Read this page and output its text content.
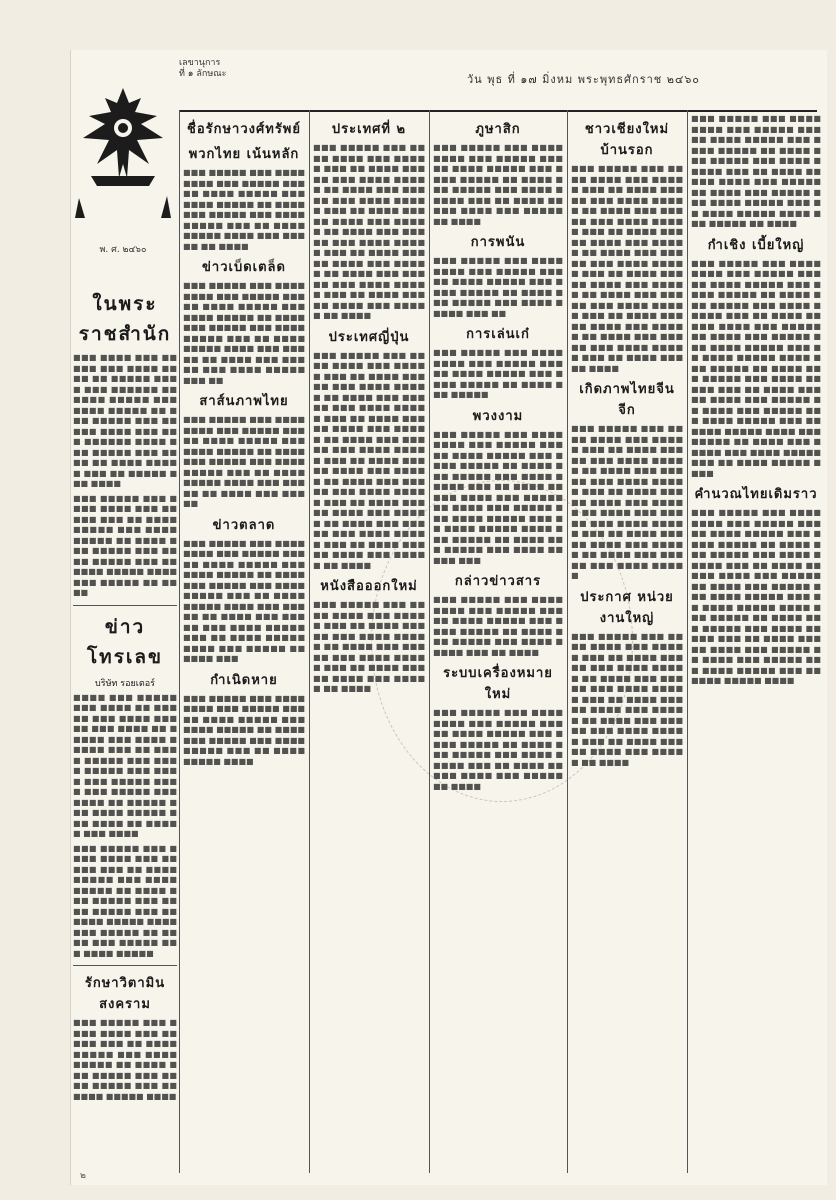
เลขานุการ
ที่ ๑ ลักษณะ	วัน พุธ ที่ ๑๗ มิ่งหม พระพุทธศักราช ๒๔๖๐
พ. ศ. ๒๔๖๐
ในพระราชสำนัก

■■■ ■■■■ ■■■ ■■■■■ ■■■ ■■■■ ■■■■ ■■ ■■■■■ ■■■■ ■■■ ■■■■■■ ■■ ■■■■ ■■■■■ ■■■ ■■■■ ■■■■■ ■■ ■■■ ■■■■■ ■■■ ■■■■■ ■■■■ ■■■ ■■■ ■■■■■■ ■■■■ ■■■ ■■■■■ ■■■ ■■■■ ■■ ■■■■ ■■■■■ ■■■ ■■ ■■■■■ ■■■ ■■■■

■■■ ■■■■■ ■■■ ■■■■ ■■■■ ■■■ ■■■■■ ■■■ ■■ ■■■■ ■■■■■ ■■■ ■■■■ ■■■■■ ■■ ■■■■ ■■■ ■■■■■ ■■■ ■■■■ ■■■■■ ■■■ ■■ ■■■■ ■■■■■ ■■■■ ■■■ ■■■■■ ■■ ■■■■

ข่าวโทรเลข
บริษัท รอยเตอร์

■■■■ ■■■ ■■■■■ ■■■ ■■■■ ■■ ■■■■■ ■■■ ■■■■ ■■■■■ ■■■ ■■■■ ■■ ■■■■■ ■■■ ■■■■ ■■■■■ ■■■ ■■ ■■■■ ■■■■■ ■■■ ■■■■ ■■■■■ ■■■ ■■■■ ■■■ ■■■■■ ■■■■ ■■■ ■■■■■ ■■■ ■■■■ ■■ ■■■■■ ■■■ ■■■■ ■■■■■ ■■■ ■■■■ ■■ ■■■■■ ■■■ ■■■■

■■■ ■■■■■ ■■■ ■■■■ ■■■■ ■■■ ■■■■■ ■■■ ■■ ■■■■ ■■■■■ ■■■ ■■■■ ■■■■■ ■■ ■■■■ ■■■ ■■■■■ ■■■ ■■■■ ■■■■■ ■■■ ■■ ■■■■ ■■■■■ ■■■■ ■■■ ■■■■■ ■■ ■■■■ ■■■ ■■■■■ ■■■ ■■■■ ■■■■■

รักษาวิตามิน สงคราม

■■■ ■■■■■ ■■■ ■■■■ ■■■■ ■■■ ■■■■■ ■■■ ■■ ■■■■ ■■■■■ ■■■ ■■■■ ■■■■■ ■■ ■■■■ ■■■ ■■■■■ ■■■ ■■■■ ■■■■■ ■■■ ■■ ■■■■ ■■■■■ ■■■■

ชื่อรักษาวงศ์ทรัพย์
พวกไทย เน้นหลัก

■■■ ■■■■■ ■■■ ■■■■ ■■■■ ■■■ ■■■■■ ■■■ ■■ ■■■■ ■■■■■ ■■■ ■■■■ ■■■■■ ■■ ■■■■ ■■■ ■■■■■ ■■■ ■■■■ ■■■■■ ■■■ ■■ ■■■■ ■■■■■ ■■■■ ■■■ ■■■■■ ■■ ■■■■

ข่าวเบ็ดเตล็ด

■■■ ■■■■■ ■■■ ■■■■ ■■■■ ■■■ ■■■■■ ■■■ ■■ ■■■■ ■■■■■ ■■■ ■■■■ ■■■■■ ■■ ■■■■ ■■■ ■■■■■ ■■■ ■■■■ ■■■■■ ■■■ ■■ ■■■■ ■■■■■ ■■■■ ■■■ ■■■■■ ■■ ■■■■ ■■■ ■■■■■ ■■■ ■■■■ ■■■■■ ■■■ ■■

สาส์นภาพไทย

■■■ ■■■■■ ■■■ ■■■■ ■■■■ ■■■ ■■■■■ ■■■ ■■ ■■■■ ■■■■■ ■■■ ■■■■ ■■■■■ ■■ ■■■■ ■■■ ■■■■■ ■■■ ■■■■ ■■■■■ ■■■ ■■ ■■■■ ■■■■■ ■■■■ ■■■ ■■■■■ ■■ ■■■■ ■■■ ■■■■■

ข่าวตลาด

■■■ ■■■■■ ■■■ ■■■■ ■■■■ ■■■ ■■■■■ ■■■ ■■ ■■■■ ■■■■■ ■■■ ■■■■ ■■■■■ ■■ ■■■■ ■■■ ■■■■■ ■■■ ■■■■ ■■■■■ ■■■ ■■ ■■■■ ■■■■■ ■■■■ ■■■ ■■■■■ ■■ ■■■■ ■■■ ■■■■■ ■■■ ■■■■ ■■■■■ ■■■ ■■ ■■■■ ■■■■■ ■■■■ ■■■ ■■■■■ ■■ ■■■■ ■■■

กำเนิดหาย

■■■ ■■■■■ ■■■ ■■■■ ■■■■ ■■■ ■■■■■ ■■■ ■■ ■■■■ ■■■■■ ■■■ ■■■■ ■■■■■ ■■ ■■■■ ■■■ ■■■■■ ■■■ ■■■■ ■■■■■ ■■■ ■■ ■■■■ ■■■■■ ■■■■

ประเทศที่ ๒

■■■ ■■■■■ ■■■ ■■■■ ■■■■ ■■■ ■■■■■ ■■■ ■■ ■■■■ ■■■■■ ■■■ ■■■■ ■■■■■ ■■ ■■■■ ■■■ ■■■■■ ■■■ ■■■■ ■■■■■ ■■■ ■■ ■■■■ ■■■■■ ■■■■ ■■■ ■■■■■ ■■ ■■■■ ■■■ ■■■■■ ■■■ ■■■■ ■■■■■ ■■■ ■■ ■■■■ ■■■■■ ■■■■ ■■■ ■■■■■ ■■ ■■■■ ■■■ ■■■■■ ■■■ ■■■■ ■■■■■ ■■■ ■■ ■■■■ ■■■■■ ■■■■ ■■■ ■■■■■ ■■ ■■■■

ประเทศญี่ปุ่น

■■■ ■■■■■ ■■■ ■■■■ ■■■■ ■■■ ■■■■■ ■■■ ■■ ■■■■ ■■■■■ ■■■ ■■■■ ■■■■■ ■■ ■■■■ ■■■ ■■■■■ ■■■ ■■■■ ■■■■■ ■■■ ■■ ■■■■ ■■■■■ ■■■■ ■■■ ■■■■■ ■■ ■■■■ ■■■ ■■■■■ ■■■ ■■■■ ■■■■■ ■■■ ■■ ■■■■ ■■■■■ ■■■■ ■■■ ■■■■■ ■■ ■■■■ ■■■ ■■■■■ ■■■ ■■■■ ■■■■■ ■■■ ■■ ■■■■ ■■■■■ ■■■■ ■■■ ■■■■■ ■■ ■■■■ ■■■ ■■■■■ ■■■ ■■■■ ■■■■■ ■■■ ■■ ■■■■ ■■■■■ ■■■■ ■■■ ■■■■■ ■■ ■■■■

หนังสือออกใหม่

■■■ ■■■■■ ■■■ ■■■■ ■■■■ ■■■ ■■■■■ ■■■ ■■ ■■■■ ■■■■■ ■■■ ■■■■ ■■■■■ ■■ ■■■■ ■■■ ■■■■■ ■■■ ■■■■ ■■■■■ ■■■ ■■ ■■■■ ■■■■■ ■■■■ ■■■ ■■■■■ ■■ ■■■■

ภูษาสิก

■■■ ■■■■■ ■■■ ■■■■ ■■■■ ■■■ ■■■■■ ■■■ ■■ ■■■■ ■■■■■ ■■■ ■■■■ ■■■■■ ■■ ■■■■ ■■■ ■■■■■ ■■■ ■■■■ ■■■■■ ■■■ ■■ ■■■■ ■■■■■ ■■■■ ■■■ ■■■■■ ■■ ■■■■

การพนัน

■■■ ■■■■■ ■■■ ■■■■ ■■■■ ■■■ ■■■■■ ■■■ ■■ ■■■■ ■■■■■ ■■■ ■■■■ ■■■■■ ■■ ■■■■ ■■■ ■■■■■ ■■■ ■■■■ ■■■■■ ■■■ ■■

การเล่นเก๋

■■■ ■■■■■ ■■■ ■■■■ ■■■■ ■■■ ■■■■■ ■■■ ■■ ■■■■ ■■■■■ ■■■ ■■■■ ■■■■■ ■■ ■■■■ ■■■ ■■■■■

พวงงาม

■■■ ■■■■■ ■■■ ■■■■ ■■■■ ■■■ ■■■■■ ■■■ ■■ ■■■■ ■■■■■ ■■■ ■■■■ ■■■■■ ■■ ■■■■ ■■■ ■■■■■ ■■■ ■■■■ ■■■■■ ■■■ ■■ ■■■■ ■■■■■ ■■■■ ■■■ ■■■■■ ■■ ■■■■ ■■■ ■■■■■ ■■■ ■■■■ ■■■■■ ■■■ ■■ ■■■■ ■■■■■ ■■■■ ■■■ ■■■■■ ■■ ■■■■ ■■■ ■■■■■ ■■■ ■■■■ ■■■■■ ■■■

กล่าวข่าวสาร

■■■ ■■■■■ ■■■ ■■■■ ■■■■ ■■■ ■■■■■ ■■■ ■■ ■■■■ ■■■■■ ■■■ ■■■■ ■■■■■ ■■ ■■■■ ■■■ ■■■■■ ■■■ ■■■■ ■■■■■ ■■■ ■■ ■■■■

ระบบเครื่องหมายใหม่

■■■ ■■■■■ ■■■ ■■■■ ■■■■ ■■■ ■■■■■ ■■■ ■■ ■■■■ ■■■■■ ■■■ ■■■■ ■■■■■ ■■ ■■■■ ■■■ ■■■■■ ■■■ ■■■■ ■■■■■ ■■■ ■■ ■■■■ ■■■■■ ■■■■ ■■■ ■■■■■ ■■ ■■■■

ชาวเชียงใหม่ บ้านรอก

■■■ ■■■■■ ■■■ ■■■■ ■■■■ ■■■ ■■■■■ ■■■ ■■ ■■■■ ■■■■■ ■■■ ■■■■ ■■■■■ ■■ ■■■■ ■■■ ■■■■■ ■■■ ■■■■ ■■■■■ ■■■ ■■ ■■■■ ■■■■■ ■■■■ ■■■ ■■■■■ ■■ ■■■■ ■■■ ■■■■■ ■■■ ■■■■ ■■■■■ ■■■ ■■ ■■■■ ■■■■■ ■■■■ ■■■ ■■■■■ ■■ ■■■■ ■■■ ■■■■■ ■■■ ■■■■ ■■■■■ ■■■ ■■ ■■■■ ■■■■■ ■■■■ ■■■ ■■■■■ ■■ ■■■■ ■■■ ■■■■■ ■■■ ■■■■ ■■■■■ ■■■ ■■ ■■■■ ■■■■■ ■■■■

เกิดภาพไทยจีนจีก

■■■ ■■■■■ ■■■ ■■■■ ■■■■ ■■■ ■■■■■ ■■■ ■■ ■■■■ ■■■■■ ■■■ ■■■■ ■■■■■ ■■ ■■■■ ■■■ ■■■■■ ■■■ ■■■■ ■■■■■ ■■■ ■■ ■■■■ ■■■■■ ■■■■ ■■■ ■■■■■ ■■ ■■■■ ■■■ ■■■■■ ■■■ ■■■■ ■■■■■ ■■■ ■■ ■■■■ ■■■■■ ■■■■ ■■■ ■■■■■ ■■ ■■■■ ■■■ ■■■■■ ■■■ ■■■■ ■■■■■

ประกาศ หน่วยงานใหญ่

■■■ ■■■■■ ■■■ ■■■■ ■■■■ ■■■ ■■■■■ ■■■ ■■ ■■■■ ■■■■■ ■■■ ■■■■ ■■■■■ ■■ ■■■■ ■■■ ■■■■■ ■■■ ■■■■ ■■■■■ ■■■ ■■ ■■■■ ■■■■■ ■■■■ ■■■ ■■■■■ ■■ ■■■■ ■■■ ■■■■■ ■■■ ■■■■ ■■■■■ ■■■ ■■ ■■■■ ■■■■■ ■■■■ ■■■ ■■■■■ ■■ ■■■■

■■■ ■■■■■ ■■■ ■■■■ ■■■■ ■■■ ■■■■■ ■■■ ■■ ■■■■ ■■■■■ ■■■ ■■■■ ■■■■■ ■■ ■■■■ ■■■ ■■■■■ ■■■ ■■■■ ■■■■■ ■■■ ■■ ■■■■ ■■■■■ ■■■■ ■■■ ■■■■■ ■■ ■■■■ ■■■ ■■■■■ ■■■ ■■■■ ■■■■■ ■■■ ■■ ■■■■ ■■■■■ ■■■■ ■■■ ■■■■■ ■■ ■■■■

กำเชิง เบี้ยใหญ่

■■■ ■■■■■ ■■■ ■■■■ ■■■■ ■■■ ■■■■■ ■■■ ■■ ■■■■ ■■■■■ ■■■ ■■■■ ■■■■■ ■■ ■■■■ ■■■ ■■■■■ ■■■ ■■■■ ■■■■■ ■■■ ■■ ■■■■ ■■■■■ ■■■■ ■■■ ■■■■■ ■■ ■■■■ ■■■ ■■■■■ ■■■ ■■■■ ■■■■■ ■■■ ■■ ■■■■ ■■■■■ ■■■■ ■■■ ■■■■■ ■■ ■■■■ ■■■ ■■■■■ ■■■ ■■■■ ■■■■■ ■■■ ■■ ■■■■ ■■■■■ ■■■■ ■■■ ■■■■■ ■■ ■■■■ ■■■ ■■■■■ ■■■ ■■■■ ■■■■■ ■■■ ■■ ■■■■ ■■■■■ ■■■■ ■■■ ■■■■■ ■■ ■■■■ ■■■ ■■■■■ ■■■ ■■■■ ■■■■■ ■■■ ■■ ■■■■ ■■■■■ ■■■■

คำนวณไทยเดิมราว

■■■ ■■■■■ ■■■ ■■■■ ■■■■ ■■■ ■■■■■ ■■■ ■■ ■■■■ ■■■■■ ■■■ ■■■■ ■■■■■ ■■ ■■■■ ■■■ ■■■■■ ■■■ ■■■■ ■■■■■ ■■■ ■■ ■■■■ ■■■■■ ■■■■ ■■■ ■■■■■ ■■ ■■■■ ■■■ ■■■■■ ■■■ ■■■■ ■■■■■ ■■■ ■■ ■■■■ ■■■■■ ■■■■ ■■■ ■■■■■ ■■ ■■■■ ■■■ ■■■■■ ■■■ ■■■■ ■■■■■ ■■■ ■■ ■■■■ ■■■■■ ■■■■ ■■■ ■■■■■ ■■ ■■■■ ■■■ ■■■■■ ■■■ ■■■■ ■■■■■ ■■■ ■■ ■■■■ ■■■■■ ■■■■

๒
